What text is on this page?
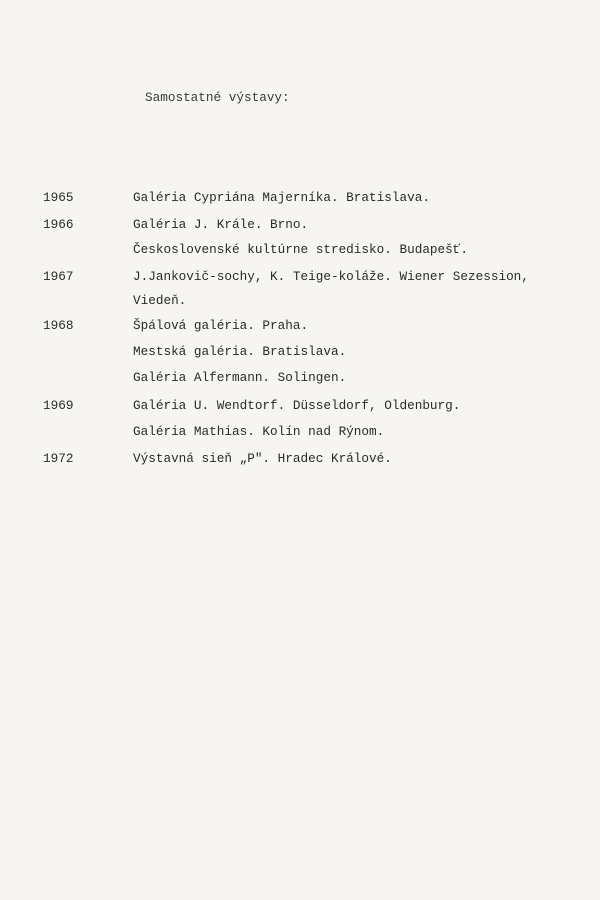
Samostatné výstavy:
1965	Galéria Cypriána Majerníka. Bratislava.
1966	Galéria J. Krále. Brno.
Československé kultúrne stredisko. Budapešť.
1967	J.Jankovič-sochy, K. Teige-koláže. Wiener Sezession,
Viedeň.
1968	Špálová galéria. Praha.
Mestská galéria. Bratislava.
Galéria Alfermann. Solingen.
1969	Galéria U. Wendtorf. Düsseldorf, Oldenburg.
Galéria Mathias. Kolín nad Rýnom.
1972	Výstavná sieň „P". Hradec Králové.
